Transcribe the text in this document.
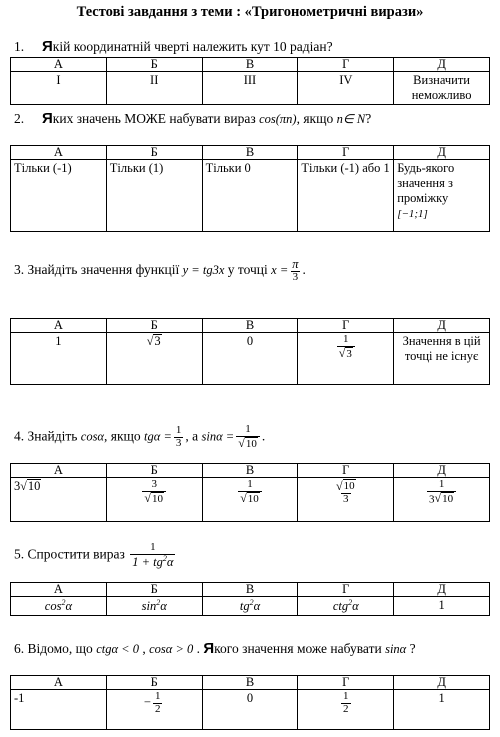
Тестові завдання з теми : «Тригонометричні вирази»
1. Якій координатній чверті належить кут 10 радіан?
А	Б	В	Г	Д
І	ІІ	ІІІ	ІV	Визначити неможливо
2. Яких значень МОЖЕ набувати вираз cos(πn), якщо n∈ N?
А	Б	В	Г	Д
Тільки (-1)	Тільки (1)	Тільки 0	Тільки (-1) або 1	Будь-якого значення з проміжку
[−1;1]
3. Знайдіть значення функції y = tg3x у точці $x = \frac{\pi}{3}$ .
А	Б	В	Г	Д
1	√ 3	0	$\frac{1}{√ 3}$	Значення в цій точці не існує
4. Знайдіть cosα, якщо $tg\alpha = \frac{1}{3}$ , а $\sin\alpha = \frac{1}{√ 10}$ .
А	Б	В	Г	Д
3 √ 10	$\frac{3}{√ 10}$	$\frac{1}{√ 10}$	$\frac{√ 10}{3}$	$\frac{1}{3 √ 10}$
5. Спростити вираз $\frac{1}{1 + tg^2\alpha}$
А	Б	В	Г	Д
$\cos^2\alpha$	$\sin^2\alpha$	$tg^2\alpha$	ctg$^2$α	1
6. Відомо, що ctgα < 0 , cosα > 0 . Якого значення може набувати sinα ?
А	Б	В	Г	Д
-1	− $\frac{1}{2}$	0	$\frac{1}{2}$	1
